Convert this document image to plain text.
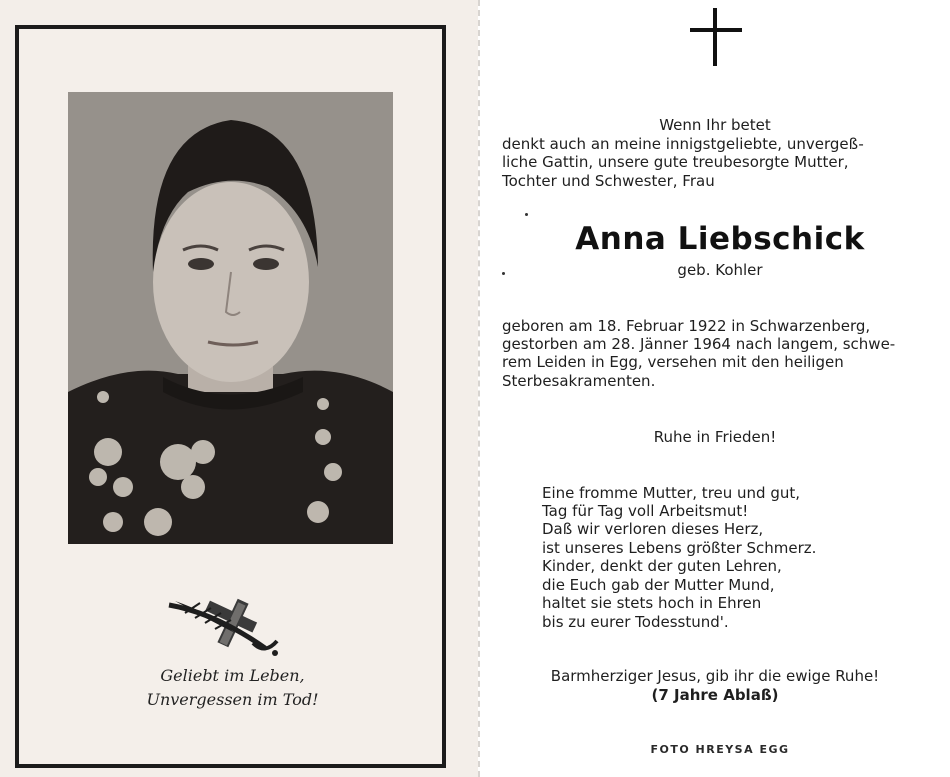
Geliebt im Leben,
Unvergessen im Tod!
Wenn Ihr betet
denkt auch an meine innigstgeliebte, unvergeß-
liche Gattin, unsere gute treubesorgte Mutter,
Tochter und Schwester, Frau
Anna Liebschick
geb. Kohler
geboren am 18. Februar 1922 in Schwarzenberg,
gestorben am 28. Jänner 1964 nach langem, schwe-
rem Leiden in Egg, versehen mit den heiligen
Sterbesakramenten.
Ruhe in Frieden!
Eine fromme Mutter, treu und gut,
Tag für Tag voll Arbeitsmut!
Daß wir verloren dieses Herz,
ist unseres Lebens größter Schmerz.
Kinder, denkt der guten Lehren,
die Euch gab der Mutter Mund,
haltet sie stets hoch in Ehren
bis zu eurer Todesstund'.
Barmherziger Jesus, gib ihr die ewige Ruhe!
(7 Jahre Ablaß)
FOTO HREYSA EGG
